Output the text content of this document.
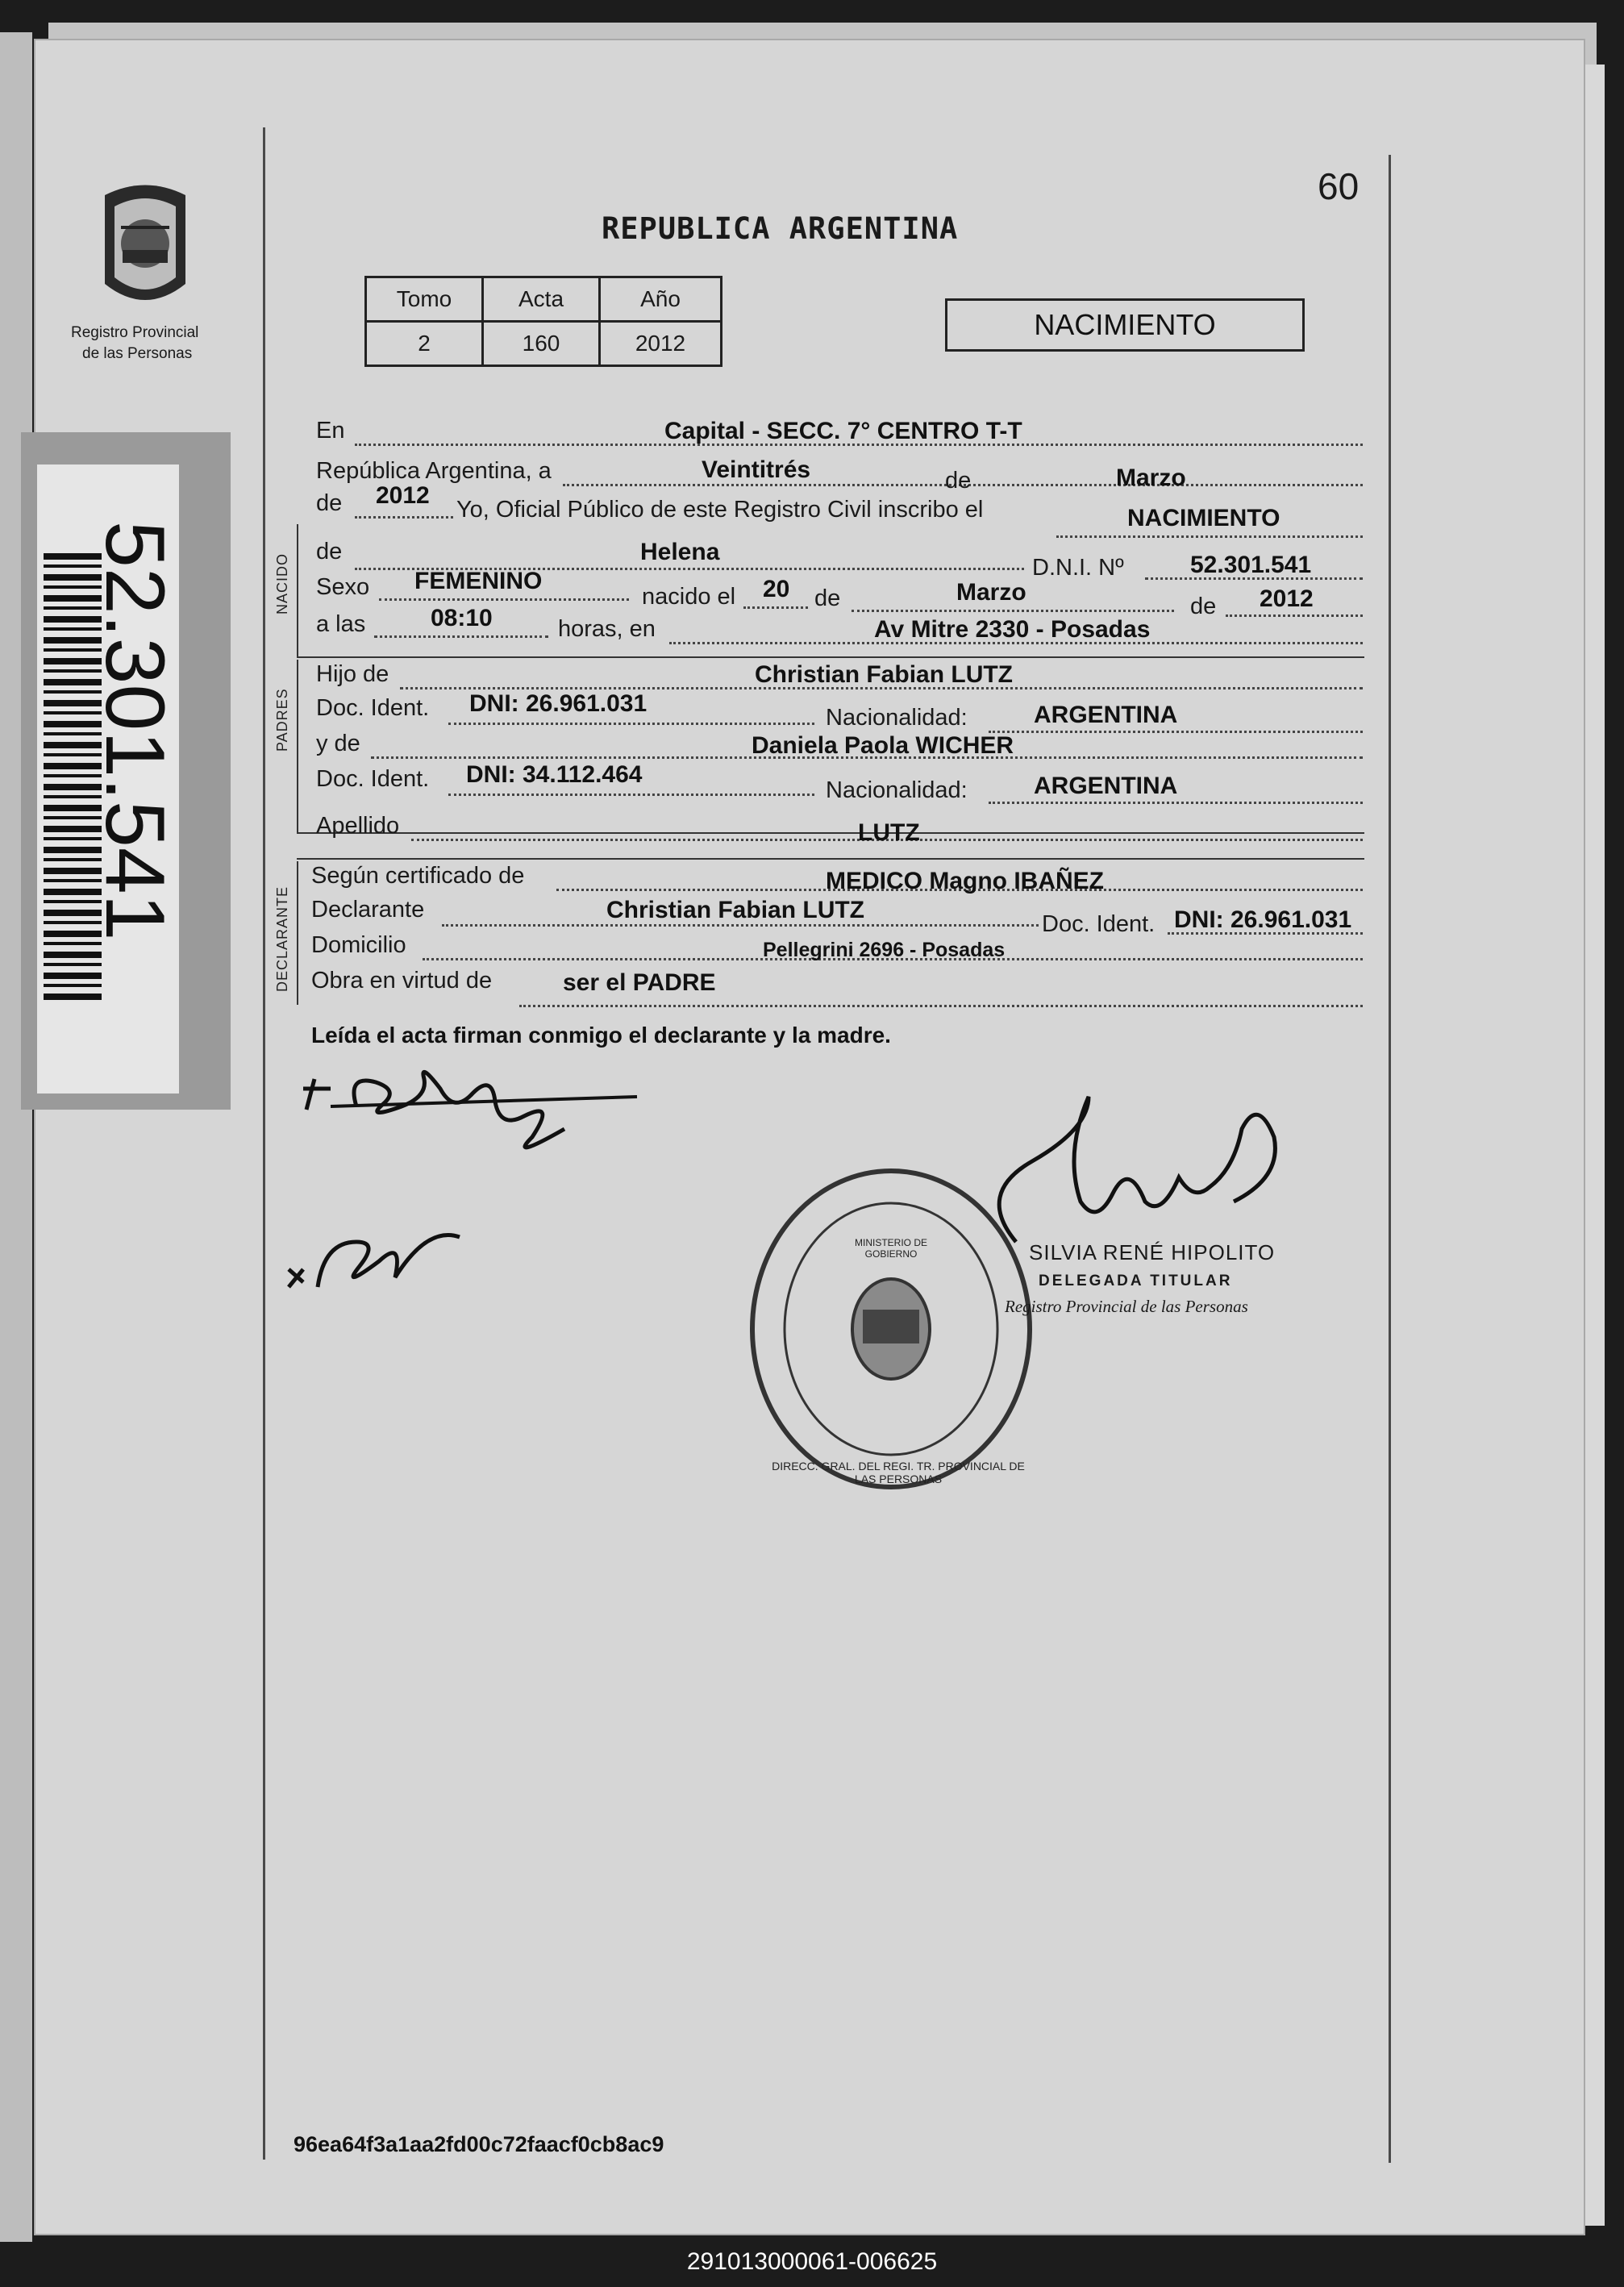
Registro Provincial
de las Personas
52.301.541
60
REPUBLICA ARGENTINA
Tomo	Acta	Año
2	160	2012
NACIMIENTO
NACIDO
PADRES
DECLARANTE
En	Capital - SECC. 7° CENTRO T-T
República Argentina, a	Veintitrés	de	Marzo
de 2012
Yo, Oficial Público de este Registro Civil inscribo el	NACIMIENTO
de	Helena
D.N.I. Nº	52.301.541
Sexo FEMENINO
nacido el 20 de	Marzo
de 2012
a las	08:10	horas, en	Av Mitre 2330 - Posadas
Hijo de	Christian Fabian LUTZ
Doc. Ident. DNI: 26.961.031
Nacionalidad:	ARGENTINA
y de	Daniela Paola WICHER
Doc. Ident. DNI: 34.112.464
Nacionalidad:	ARGENTINA
Apellido	LUTZ
Según certificado de	MEDICO Magno IBAÑEZ
Declarante	Christian Fabian LUTZ
Doc. Ident. DNI: 26.961.031
Domicilio	Pellegrini 2696 - Posadas
Obra en virtud de	ser el PADRE
Leída el acta firman conmigo el declarante y la madre.
DIRECC. GRAL. DEL REGI. TR. PROVINCIAL DE LAS PERSONAS
MINISTERIO DE GOBIERNO	SILVIA RENÉ HIPOLITO
DELEGADA TITULAR
Registro Provincial de las Personas
96ea64f3a1aa2fd00c72faacf0cb8ac9
291013000061-006625
